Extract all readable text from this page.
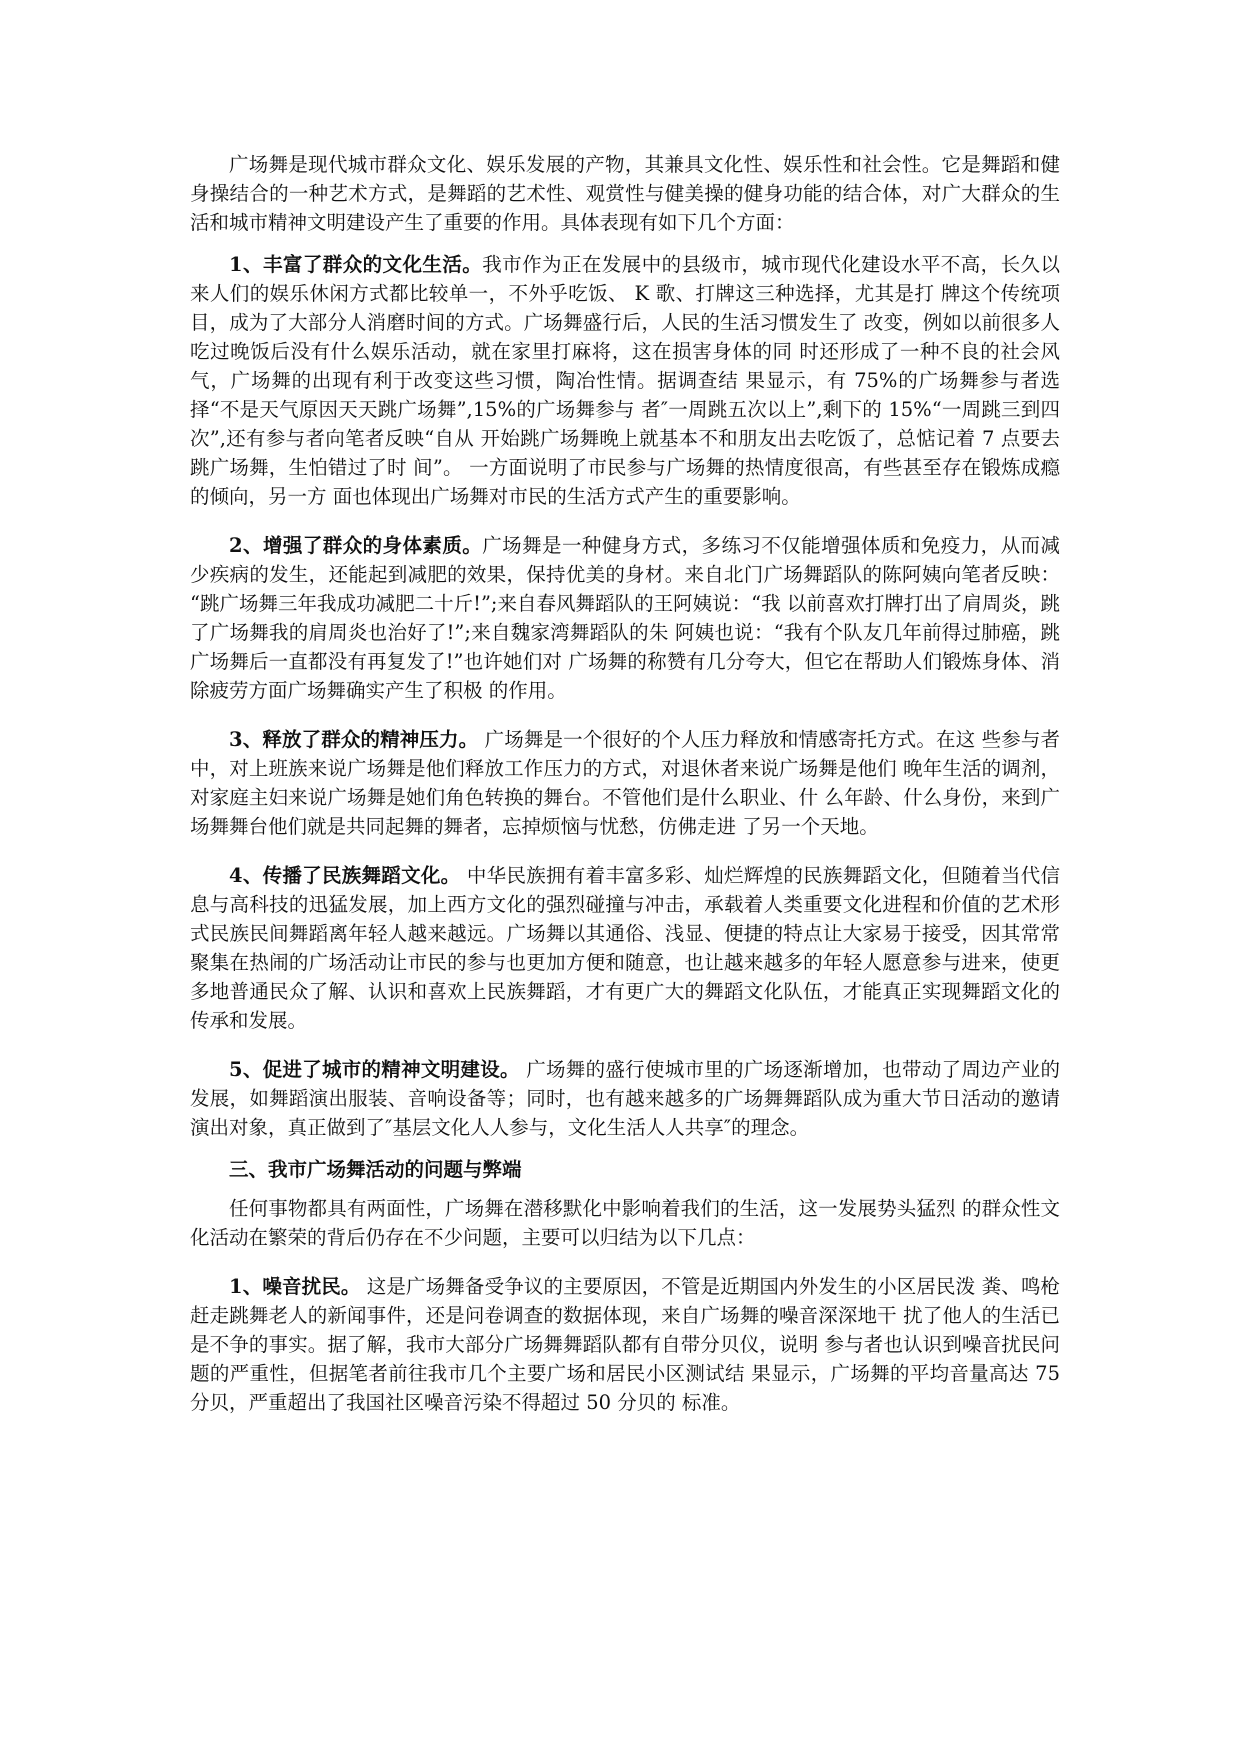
广场舞是现代城市群众文化、娱乐发展的产物，其兼具文化性、娱乐性和社会性。它是舞蹈和健身操结合的一种艺术方式，是舞蹈的艺术性、观赏性与健美操的健身功能的结合体，对广大群众的生活和城市精神文明建设产生了重要的作用。具体表现有如下几个方面：

1、丰富了群众的文化生活。我市作为正在发展中的县级市，城市现代化建设水平不高，长久以来人们的娱乐休闲方式都比较单一，不外乎吃饭、 K 歌、打牌这三种选择，尤其是打 牌这个传统项目，成为了大部分人消磨时间的方式。广场舞盛行后，人民的生活习惯发生了 改变，例如以前很多人吃过晚饭后没有什么娱乐活动，就在家里打麻将，这在损害身体的同 时还形成了一种不良的社会风气，广场舞的出现有利于改变这些习惯，陶冶性情。据调查结 果显示，有 75%的广场舞参与者选择“不是天气原因天天跳广场舞”,15%的广场舞参与 者″一周跳五次以上”,剩下的 15%“一周跳三到四次”,还有参与者向笔者反映“自从 开始跳广场舞晚上就基本不和朋友出去吃饭了，总惦记着 7 点要去跳广场舞，生怕错过了时 间”。 一方面说明了市民参与广场舞的热情度很高，有些甚至存在锻炼成瘾的倾向，另一方 面也体现出广场舞对市民的生活方式产生的重要影响。

2、增强了群众的身体素质。广场舞是一种健身方式，多练习不仅能增强体质和免疫力，从而减少疾病的发生，还能起到减肥的效果，保持优美的身材。来自北门广场舞蹈队的陈阿姨向笔者反映： “跳广场舞三年我成功减肥二十斤!”;来自春风舞蹈队的王阿姨说：“我 以前喜欢打牌打出了肩周炎，跳了广场舞我的肩周炎也治好了!”;来自魏家湾舞蹈队的朱 阿姨也说：“我有个队友几年前得过肺癌，跳广场舞后一直都没有再复发了!”也许她们对 广场舞的称赞有几分夸大，但它在帮助人们锻炼身体、消除疲劳方面广场舞确实产生了积极 的作用。

3、释放了群众的精神压力。 广场舞是一个很好的个人压力释放和情感寄托方式。在这 些参与者中，对上班族来说广场舞是他们释放工作压力的方式，对退休者来说广场舞是他们 晚年生活的调剂，对家庭主妇来说广场舞是她们角色转换的舞台。不管他们是什么职业、什 么年龄、什么身份，来到广场舞舞台他们就是共同起舞的舞者，忘掉烦恼与忧愁，仿佛走进 了另一个天地。

4、传播了民族舞蹈文化。 中华民族拥有着丰富多彩、灿烂辉煌的民族舞蹈文化，但随着当代信息与高科技的迅猛发展，加上西方文化的强烈碰撞与冲击，承载着人类重要文化进程和价值的艺术形式民族民间舞蹈离年轻人越来越远。广场舞以其通俗、浅显、便捷的特点让大家易于接受，因其常常聚集在热闹的广场活动让市民的参与也更加方便和随意，也让越来越多的年轻人愿意参与进来，使更多地普通民众了解、认识和喜欢上民族舞蹈，才有更广大的舞蹈文化队伍，才能真正实现舞蹈文化的传承和发展。

5、促进了城市的精神文明建设。 广场舞的盛行使城市里的广场逐渐增加，也带动了周边产业的发展，如舞蹈演出服装、音响设备等；同时，也有越来越多的广场舞舞蹈队成为重大节日活动的邀请演出对象，真正做到了″基层文化人人参与，文化生活人人共享″的理念。

三、我市广场舞活动的问题与弊端

任何事物都具有两面性，广场舞在潜移默化中影响着我们的生活，这一发展势头猛烈 的群众性文化活动在繁荣的背后仍存在不少问题，主要可以归结为以下几点：

1、噪音扰民。 这是广场舞备受争议的主要原因，不管是近期国内外发生的小区居民泼 粪、鸣枪赶走跳舞老人的新闻事件，还是问卷调查的数据体现，来自广场舞的噪音深深地干 扰了他人的生活已是不争的事实。据了解，我市大部分广场舞舞蹈队都有自带分贝仪，说明 参与者也认识到噪音扰民问题的严重性，但据笔者前往我市几个主要广场和居民小区测试结 果显示，广场舞的平均音量高达 75 分贝，严重超出了我国社区噪音污染不得超过 50 分贝的 标准。
